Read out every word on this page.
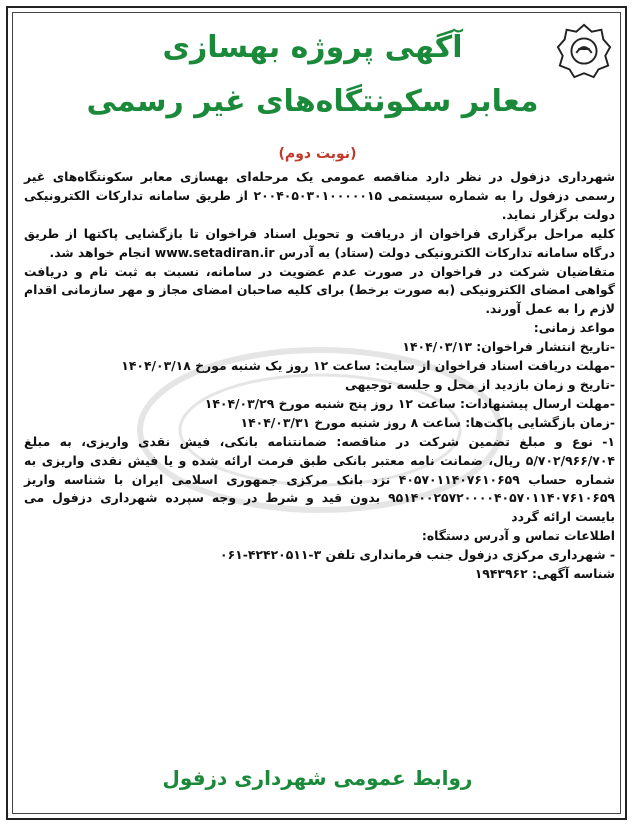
آگهی پروژه بهسازی
معابر سکونتگاه‌های غیر رسمی
(نوبت دوم)

شهرداری دزفول در نظر دارد مناقصه عمومی یک مرحله‌ای بهسازی معابر سکونتگاه‌های غیر رسمی دزفول را به شماره سیستمی ۲۰۰۴۰۵۰۳۰۱۰۰۰۰۰۱۵ از طریق سامانه تدارکات الکترونیکی دولت برگزار نماید.

کلیه مراحل برگزاری فراخوان از دریافت و تحویل اسناد فراخوان تا بازگشایی پاکتها از طریق درگاه سامانه تدارکات الکترونیکی دولت (ستاد) به آدرس www.setadiran.ir انجام خواهد شد.

متقاضیان شرکت در فراخوان در صورت عدم عضویت در سامانه، نسبت به ثبت نام و دریافت گواهی امضای الکترونیکی (به صورت برخط) برای کلیه صاحبان امضای مجاز و مهر سازمانی اقدام لازم را به عمل آورند.

مواعد زمانی:

-تاریخ انتشار فراخوان: ۱۴۰۴/۰۳/۱۳

-مهلت دریافت اسناد فراخوان از سایت: ساعت ۱۲ روز یک شنبه مورخ ۱۴۰۴/۰۳/۱۸

-تاریخ و زمان بازدید از محل و جلسه توجیهی

-مهلت ارسال پیشنهادات: ساعت ۱۲ روز پنج شنبه مورخ ۱۴۰۴/۰۳/۲۹

-زمان بازگشایی پاکت‌ها: ساعت ۸ روز شنبه مورخ ۱۴۰۴/۰۳/۳۱

۱- نوع و مبلغ تضمین شرکت در مناقصه: ضمانتنامه بانکی، فیش نقدی واریزی، به مبلغ ۵/۷۰۲/۹۶۶/۷۰۴ ریال، ضمانت نامه معتبر بانکی طبق فرمت ارائه شده و یا فیش نقدی واریزی به شماره حساب ۴۰۵۷۰۱۱۴۰۷۶۱۰۶۵۹ نزد بانک مرکزی جمهوری اسلامی ایران با شناسه واریز ۹۵۱۴۰۰۲۵۷۲۰۰۰۰۴۰۵۷۰۱۱۴۰۷۶۱۰۶۵۹ بدون قید و شرط در وجه سپرده شهرداری دزفول می بایست ارائه گردد

اطلاعات تماس و آدرس دستگاه:

- شهرداری مرکزی دزفول جنب فرمانداری تلفن ۳-۴۲۴۲۰۵۱۱-۰۶۱

شناسه آگهی: ۱۹۴۳۹۶۲

روابط عمومی شهرداری دزفول
